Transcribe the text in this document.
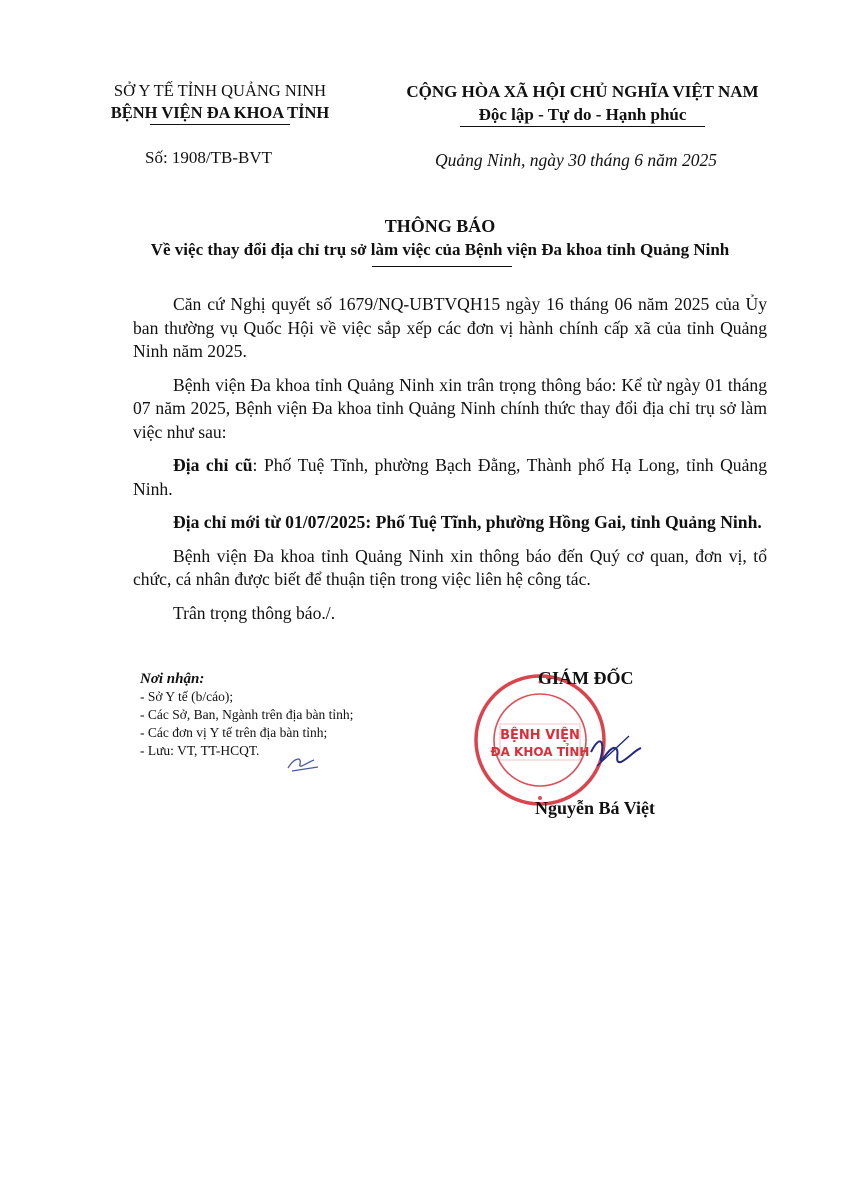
SỞ Y TẾ TỈNH QUẢNG NINH
BỆNH VIỆN ĐA KHOA TỈNH
CỘNG HÒA XÃ HỘI CHỦ NGHĨA VIỆT NAM
Độc lập - Tự do - Hạnh phúc
Số: 1908/TB-BVT	Quảng Ninh, ngày 30 tháng 6 năm 2025
THÔNG BÁO
Về việc thay đổi địa chỉ trụ sở làm việc của Bệnh viện Đa khoa tỉnh Quảng Ninh

Căn cứ Nghị quyết số 1679/NQ-UBTVQH15 ngày 16 tháng 06 năm 2025 của Ủy ban thường vụ Quốc Hội về việc sắp xếp các đơn vị hành chính cấp xã của tỉnh Quảng Ninh năm 2025.

Bệnh viện Đa khoa tỉnh Quảng Ninh xin trân trọng thông báo: Kể từ ngày 01 tháng 07 năm 2025, Bệnh viện Đa khoa tỉnh Quảng Ninh chính thức thay đổi địa chỉ trụ sở làm việc như sau:

Địa chỉ cũ: Phố Tuệ Tĩnh, phường Bạch Đằng, Thành phố Hạ Long, tỉnh Quảng Ninh.

Địa chỉ mới từ 01/07/2025: Phố Tuệ Tĩnh, phường Hồng Gai, tỉnh Quảng Ninh.

Bệnh viện Đa khoa tỉnh Quảng Ninh xin thông báo đến Quý cơ quan, đơn vị, tổ chức, cá nhân được biết để thuận tiện trong việc liên hệ công tác.

Trân trọng thông báo./.

Nơi nhận:
- Sở Y tế (b/cáo);
- Các Sở, Ban, Ngành trên địa bàn tỉnh;
- Các đơn vị Y tế trên địa bàn tỉnh;
- Lưu: VT, TT-HCQT.
BỆNH VIỆN
ĐA KHOA TỈNH
GIÁM ĐỐC
Nguyễn Bá Việt
